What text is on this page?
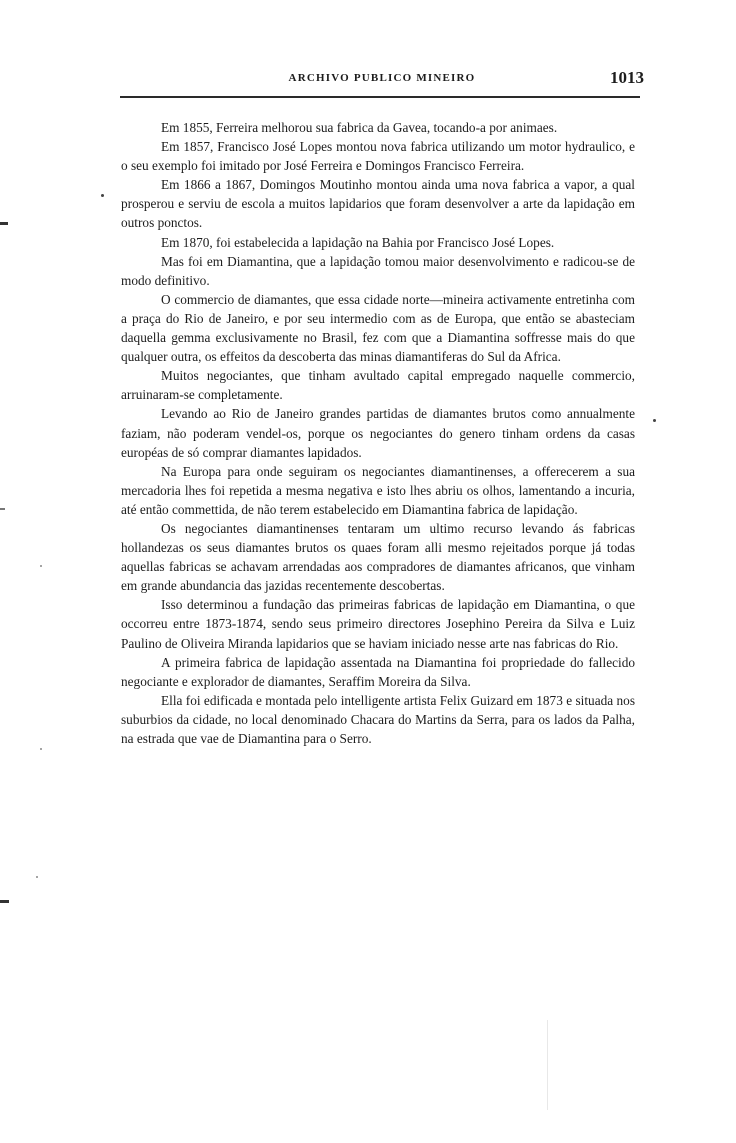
ARCHIVO PUBLICO MINEIRO	1013

Em 1855, Ferreira melhorou sua fabrica da Gavea, tocando-a por animaes.

Em 1857, Francisco José Lopes montou nova fabrica utilizando um motor hydraulico, e o seu exemplo foi imitado por José Ferreira e Domingos Francisco Ferreira.

Em 1866 a 1867, Domingos Moutinho montou ainda uma nova fabrica a vapor, a qual prosperou e serviu de escola a muitos lapidarios que foram desenvolver a arte da lapidação em outros ponctos.

Em 1870, foi estabelecida a lapidação na Bahia por Francisco José Lopes.

Mas foi em Diamantina, que a lapidação tomou maior desenvolvimento e radicou-se de modo definitivo.

O commercio de diamantes, que essa cidade norte—mineira activamente entretinha com a praça do Rio de Janeiro, e por seu intermedio com as de Europa, que então se abasteciam daquella gemma exclusivamente no Brasil, fez com que a Diamantina soffresse mais do que qualquer outra, os effeitos da descoberta das minas diamantiferas do Sul da Africa.

Muitos negociantes, que tinham avultado capital empregado naquelle commercio, arruinaram-se completamente.

Levando ao Rio de Janeiro grandes partidas de diamantes brutos como annualmente faziam, não poderam vendel-os, porque os negociantes do genero tinham ordens da casas européas de só comprar diamantes lapidados.

Na Europa para onde seguiram os negociantes diamantinenses, a offerecerem a sua mercadoria lhes foi repetida a mesma negativa e isto lhes abriu os olhos, lamentando a incuria, até então commettida, de não terem estabelecido em Diamantina fabrica de lapidação.

Os negociantes diamantinenses tentaram um ultimo recurso levando ás fabricas hollandezas os seus diamantes brutos os quaes foram alli mesmo rejeitados porque já todas aquellas fabricas se achavam arrendadas aos compradores de diamantes africanos, que vinham em grande abundancia das jazidas recentemente descobertas.

Isso determinou a fundação das primeiras fabricas de lapidação em Diamantina, o que occorreu entre 1873-1874, sendo seus primeiro directores Josephino Pereira da Silva e Luiz Paulino de Oliveira Miranda lapidarios que se haviam iniciado nesse arte nas fabricas do Rio.

A primeira fabrica de lapidação assentada na Diamantina foi propriedade do fallecido negociante e explorador de diamantes, Seraffim Moreira da Silva.

Ella foi edificada e montada pelo intelligente artista Felix Guizard em 1873 e situada nos suburbios da cidade, no local denominado Chacara do Martins da Serra, para os lados da Palha, na estrada que vae de Diamantina para o Serro.
